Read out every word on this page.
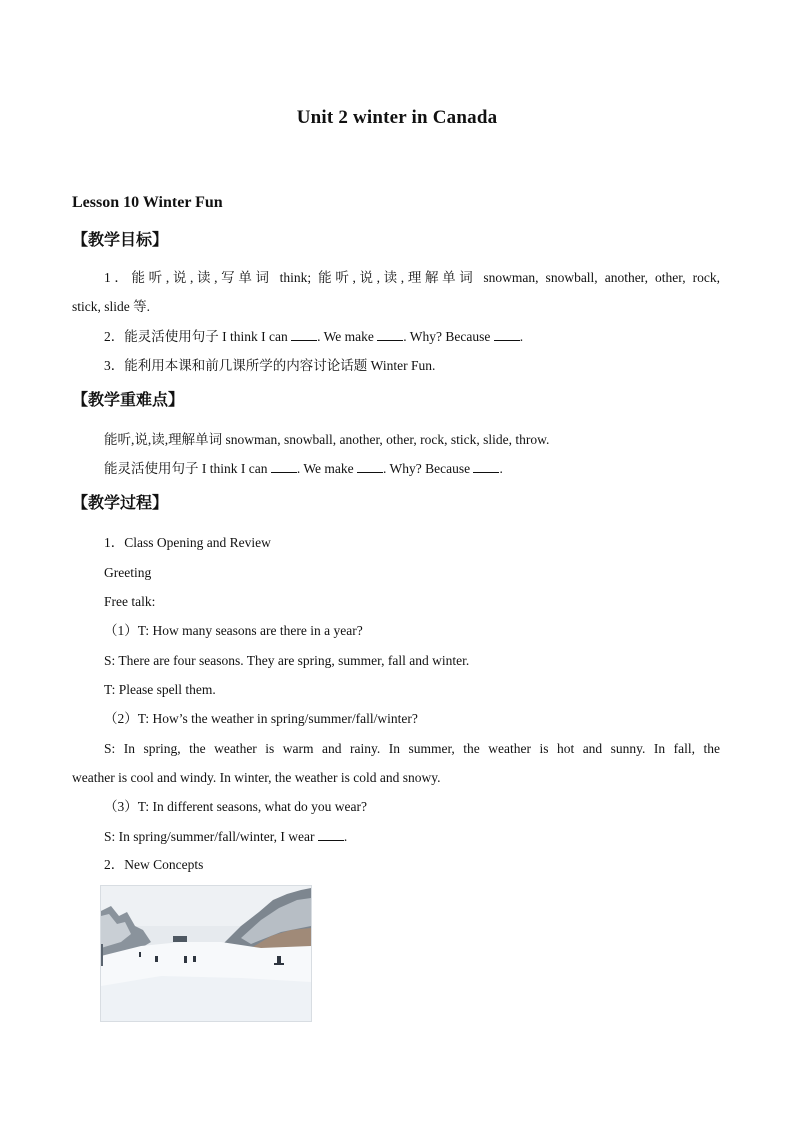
Unit 2 winter in Canada
Lesson 10 Winter Fun
【教学目标】
1．能听,说,读,写单词 think; 能听,说,读,理解单词 snowman, snowball, another, other, rock,
stick, slide 等.
2．能灵活使用句子 I think I can . We make . Why? Because .
3．能利用本课和前几课所学的内容讨论话题 Winter Fun.
【教学重难点】
能听,说,读,理解单词 snowman, snowball, another, other, rock, stick, slide, throw.
能灵活使用句子 I think I can . We make . Why? Because .
【教学过程】
1．Class Opening and Review
Greeting
Free talk:
（1）T: How many seasons are there in a year?
S: There are four seasons. They are spring, summer, fall and winter.
T: Please spell them.
（2）T: How’s the weather in spring/summer/fall/winter?
S: In spring, the weather is warm and rainy. In summer, the weather is hot and sunny. In fall, the
weather is cool and windy. In winter, the weather is cold and snowy.
（3）T: In different seasons, what do you wear?
S: In spring/summer/fall/winter, I wear .
2．New Concepts
